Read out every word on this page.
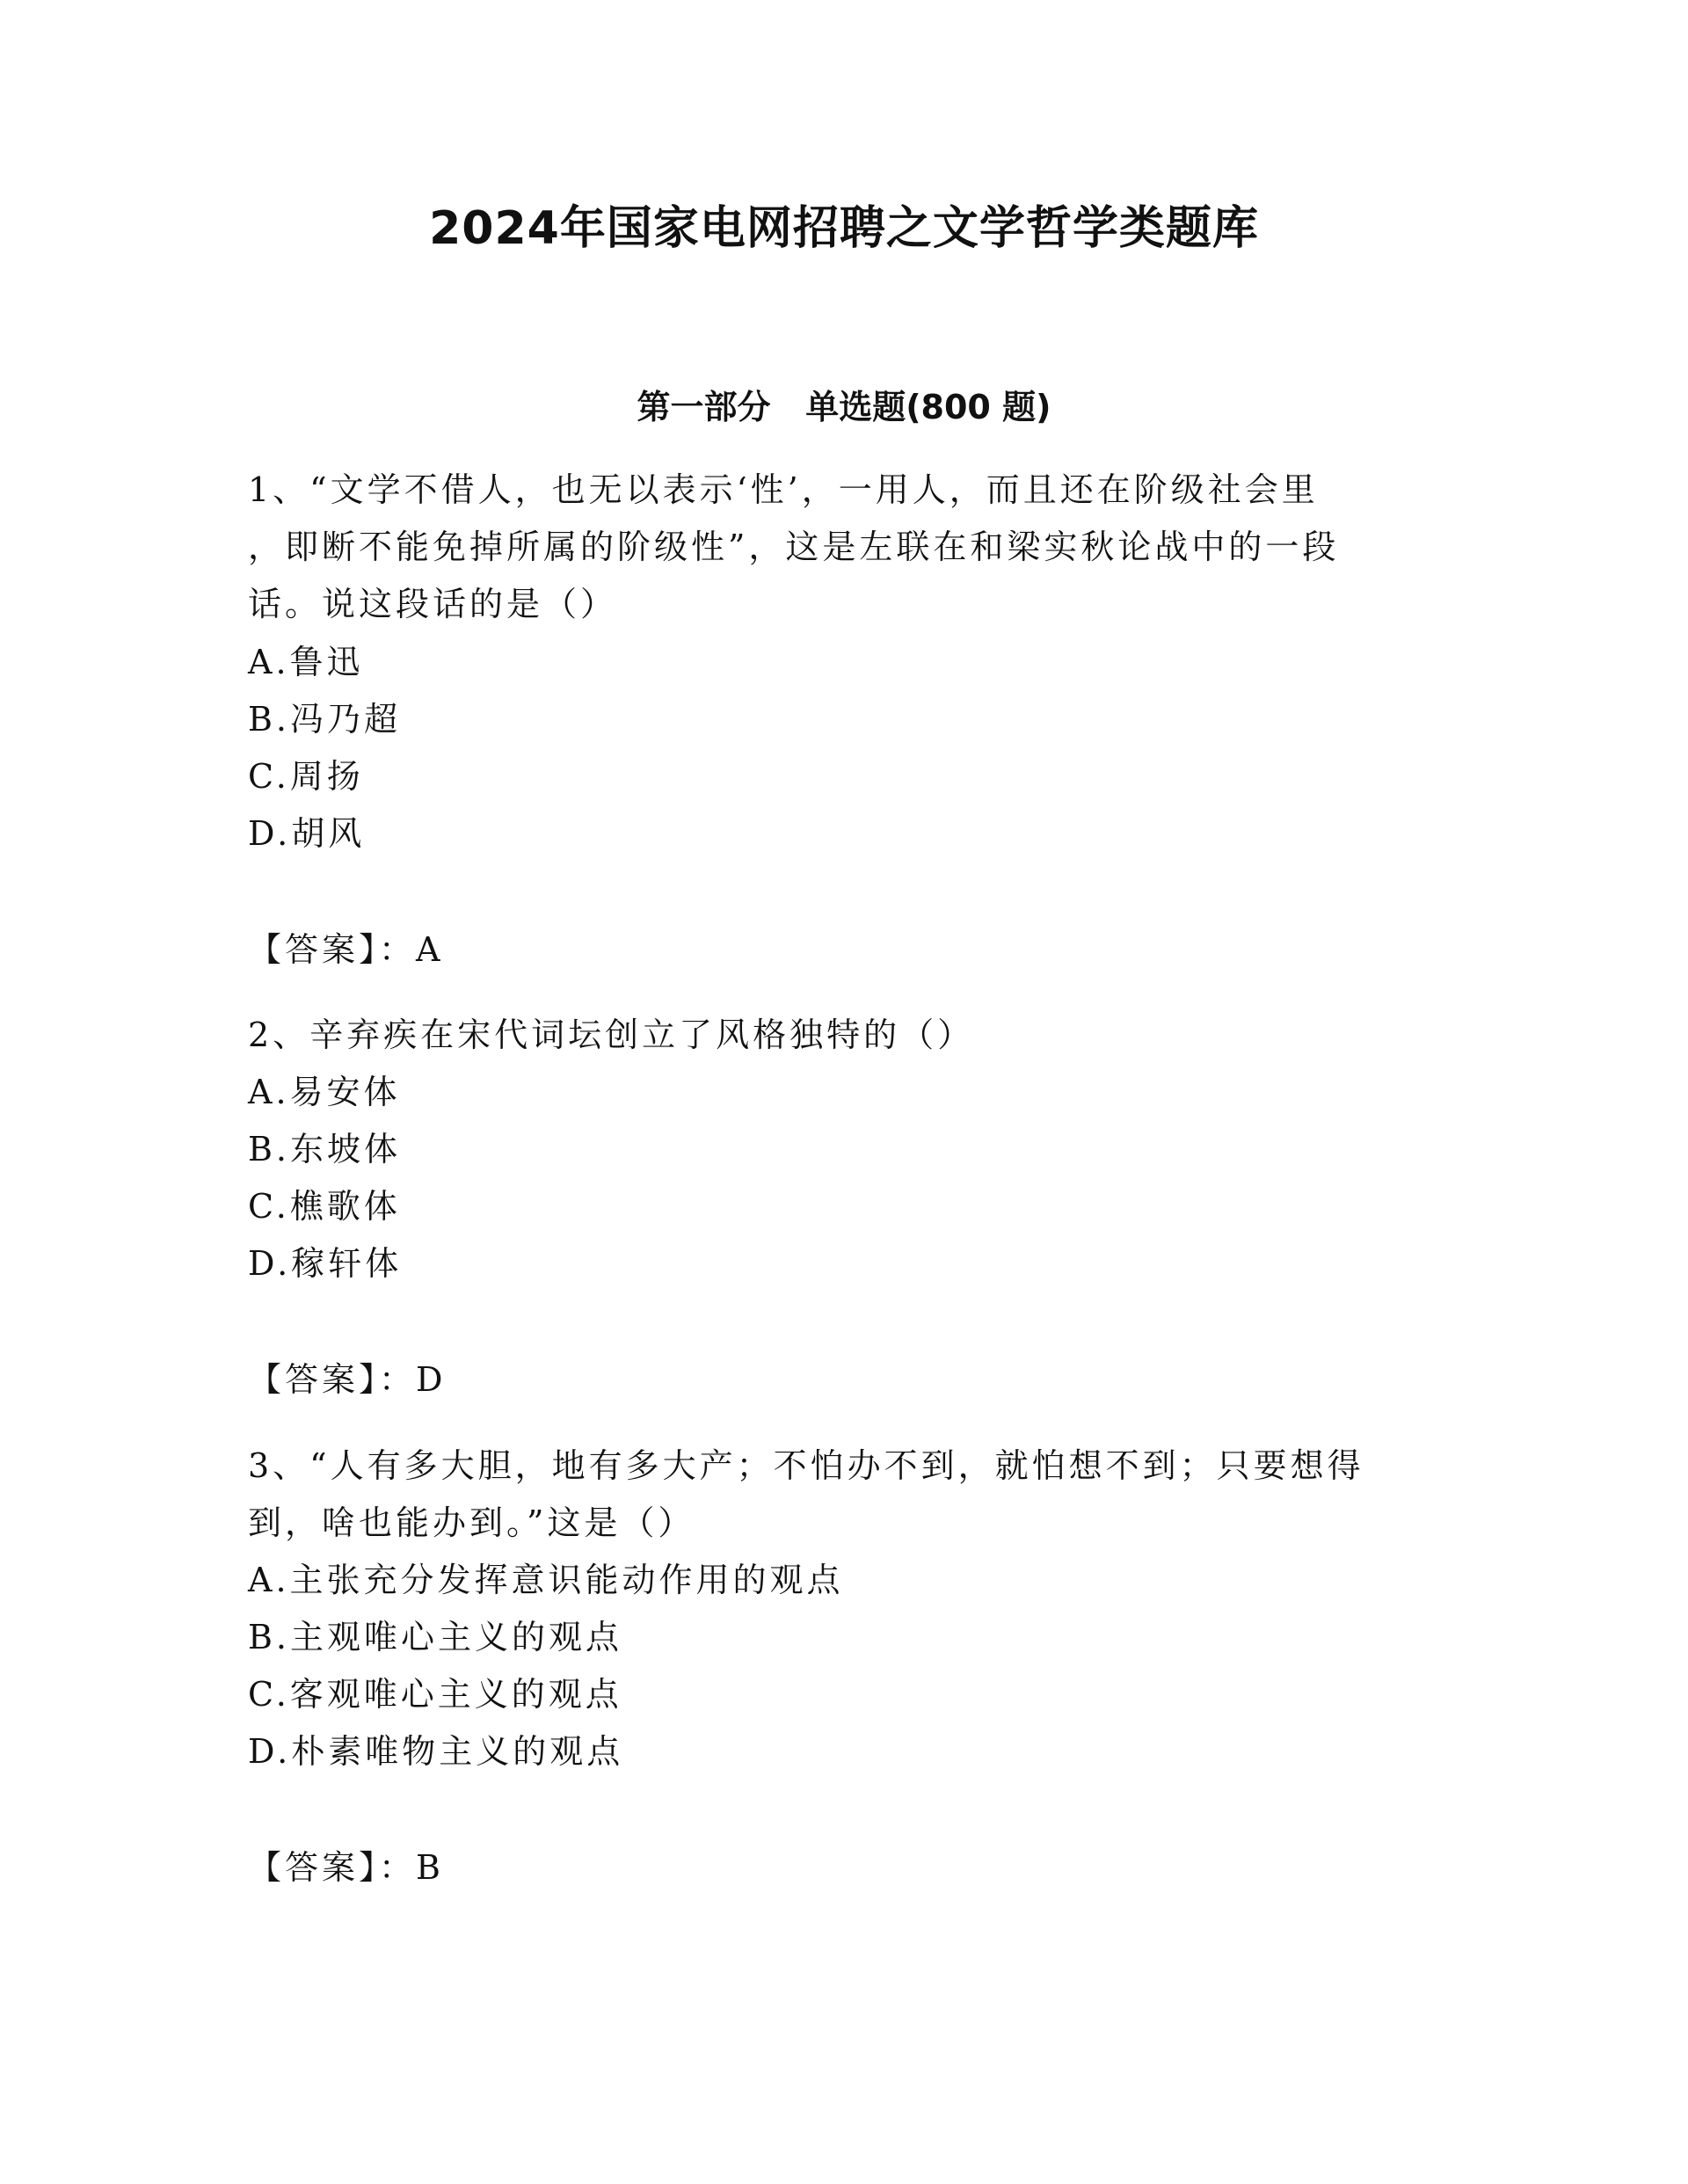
2024年国家电网招聘之文学哲学类题库
第一部分   单选题(800 题)
1、“文学不借人，也无以表示‘性’，一用人，而且还在阶级社会里
，即断不能免掉所属的阶级性”，这是左联在和梁实秋论战中的一段
话。说这段话的是（）
A.鲁迅
B.冯乃超
C.周扬
D.胡风
【答案】：A
2、辛弃疾在宋代词坛创立了风格独特的（）
A.易安体
B.东坡体
C.樵歌体
D.稼轩体
【答案】：D
3、“人有多大胆，地有多大产；不怕办不到，就怕想不到；只要想得
到，啥也能办到。”这是（）
A.主张充分发挥意识能动作用的观点
B.主观唯心主义的观点
C.客观唯心主义的观点
D.朴素唯物主义的观点
【答案】：B
